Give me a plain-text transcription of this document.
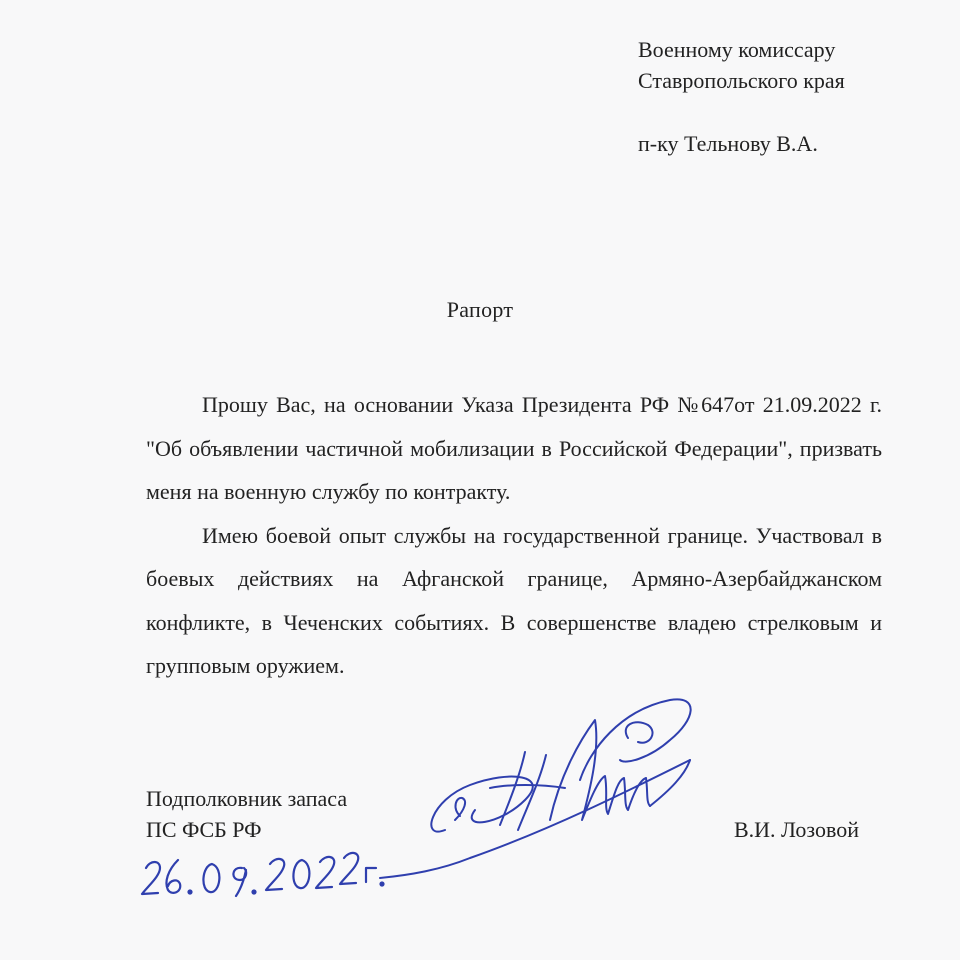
Военному комиссару
Ставропольского края
п-ку Тельнову В.А.
Рапорт

Прошу Вас, на основании Указа Президента РФ №647от 21.09.2022 г. "Об объявлении частичной мобилизации в Российской Федерации", призвать меня на военную службу по контракту.

Имею боевой опыт службы на государственной границе. Участвовал в боевых действиях на Афганской границе, Армяно-Азербайджанском конфликте, в Чеченских событиях. В совершенстве владею стрелковым и групповым оружием.

Подполковник запаса
ПС ФСБ РФ	В.И. Лозовой
